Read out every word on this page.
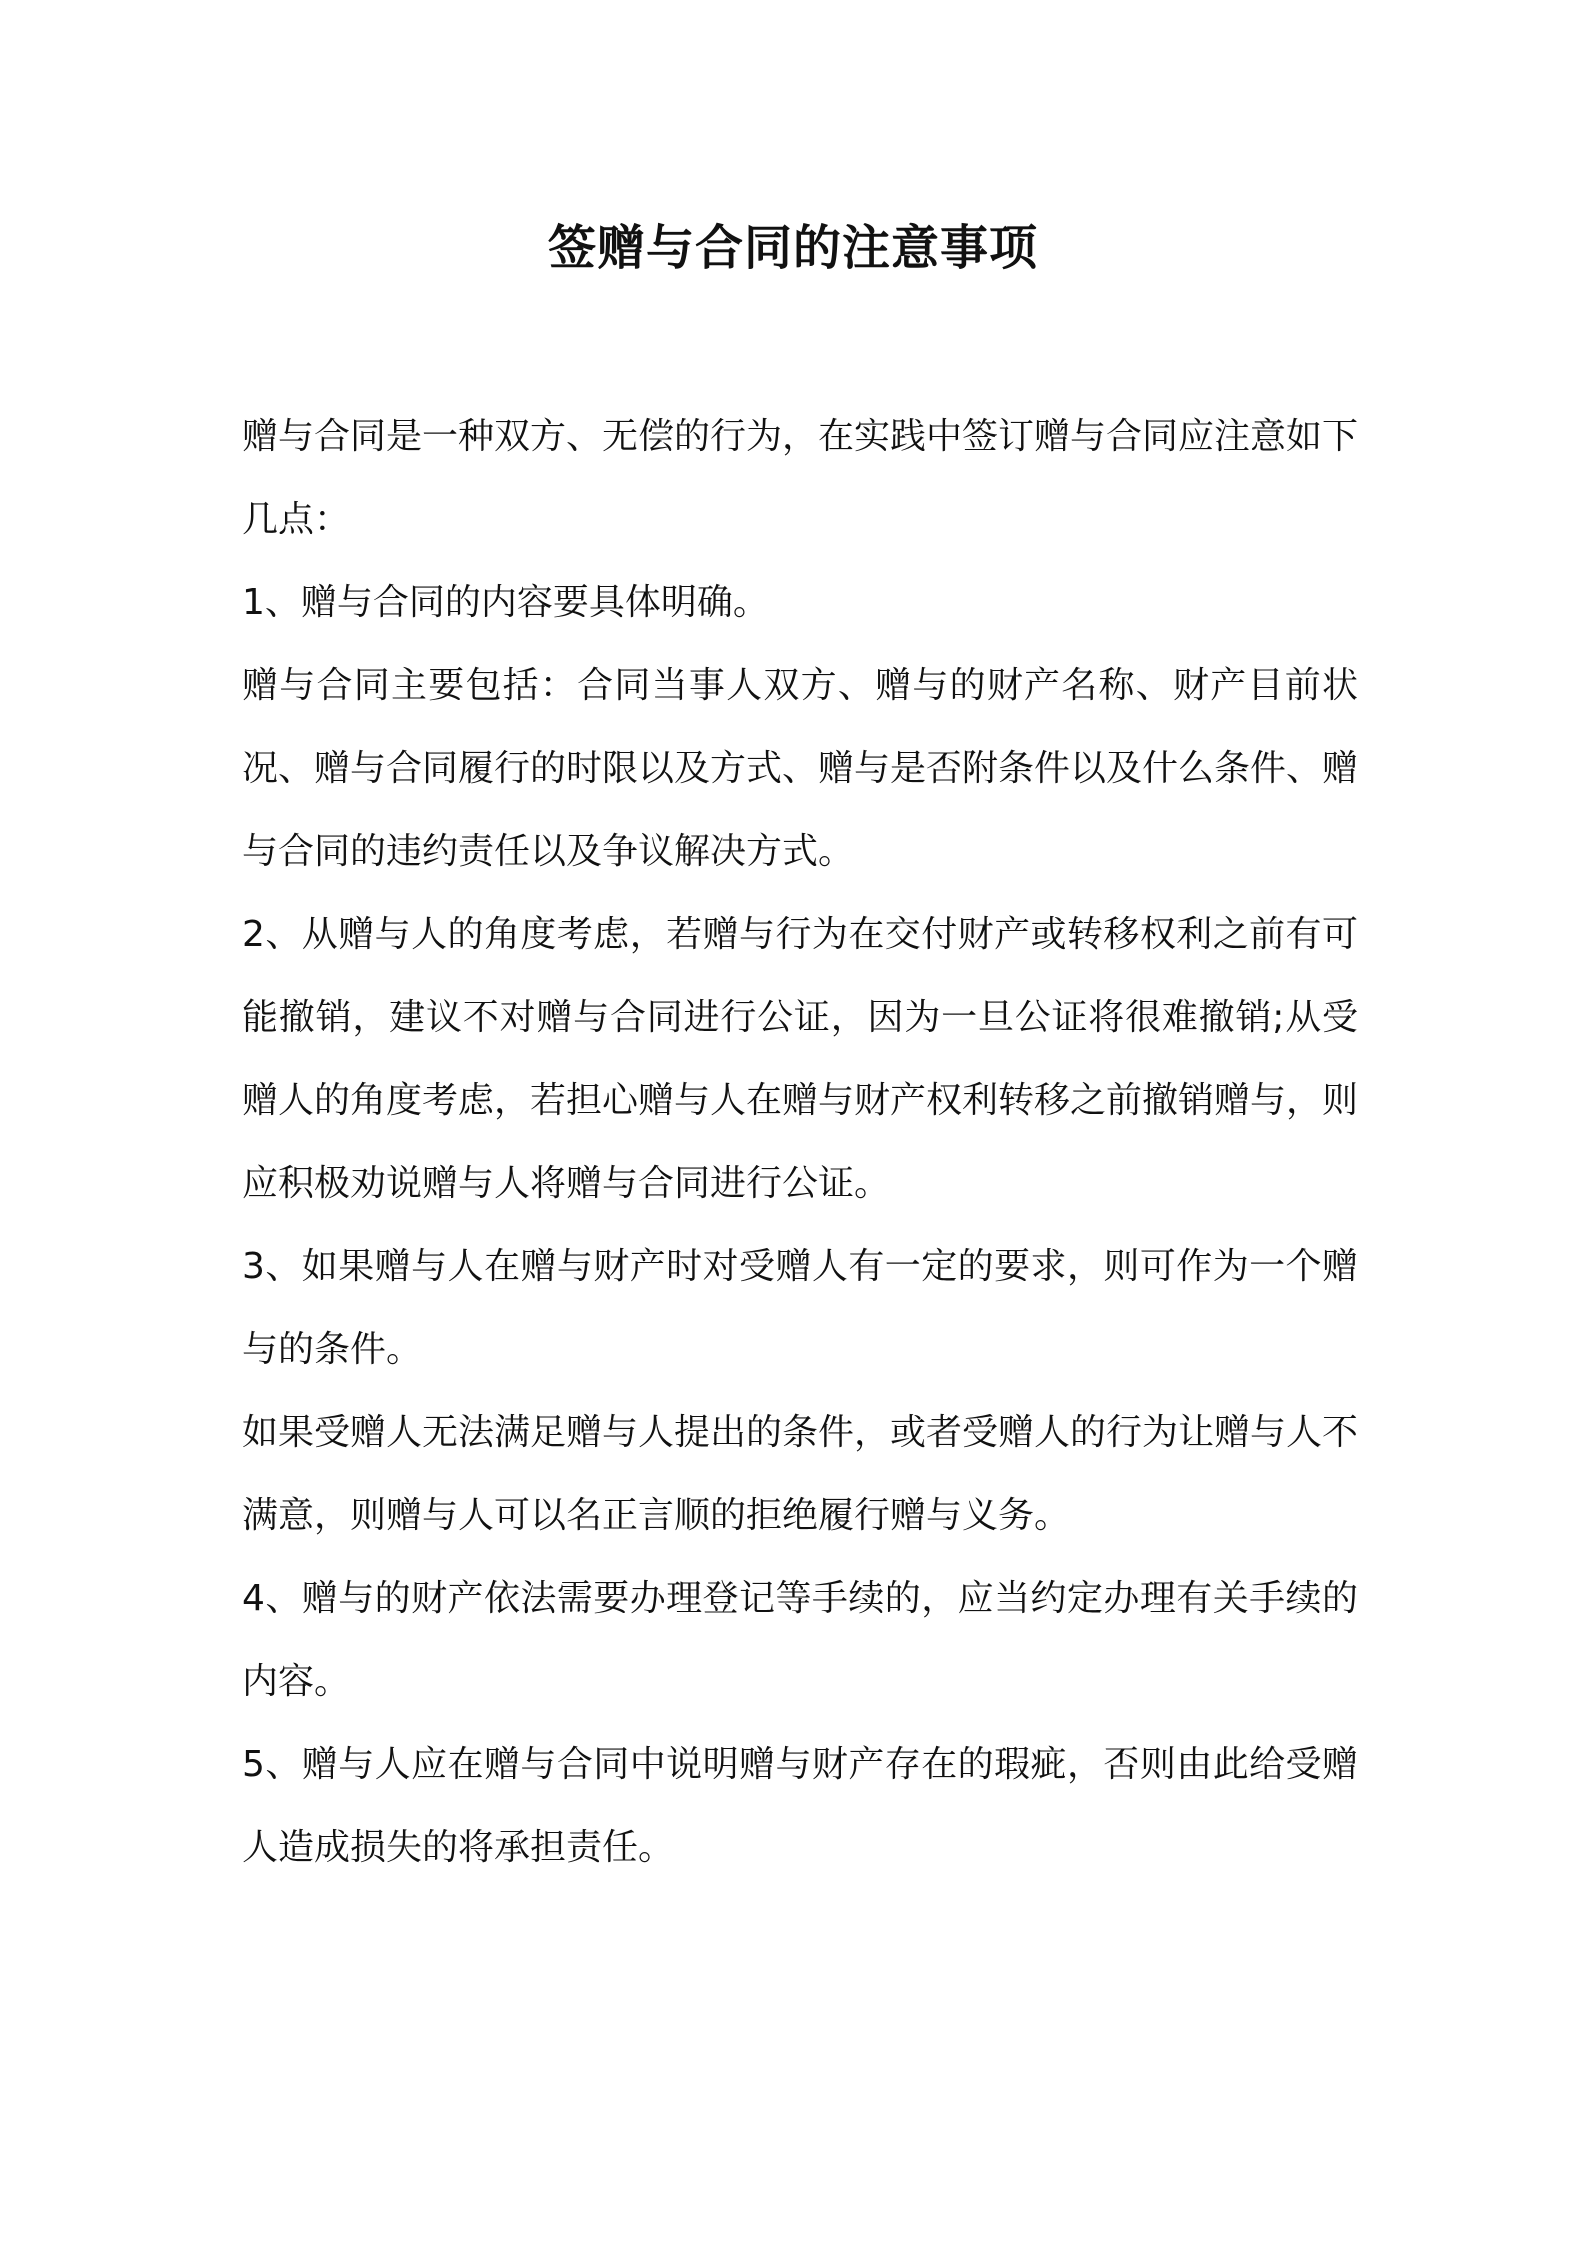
签赠与合同的注意事项

赠与合同是一种双方、无偿的行为，在实践中签订赠与合同应注意如下几点：

1、赠与合同的内容要具体明确。

赠与合同主要包括：合同当事人双方、赠与的财产名称、财产目前状况、赠与合同履行的时限以及方式、赠与是否附条件以及什么条件、赠与合同的违约责任以及争议解决方式。

2、从赠与人的角度考虑，若赠与行为在交付财产或转移权利之前有可能撤销，建议不对赠与合同进行公证，因为一旦公证将很难撤销;从受赠人的角度考虑，若担心赠与人在赠与财产权利转移之前撤销赠与，则应积极劝说赠与人将赠与合同进行公证。

3、如果赠与人在赠与财产时对受赠人有一定的要求，则可作为一个赠与的条件。

如果受赠人无法满足赠与人提出的条件，或者受赠人的行为让赠与人不满意，则赠与人可以名正言顺的拒绝履行赠与义务。

4、赠与的财产依法需要办理登记等手续的，应当约定办理有关手续的内容。

5、赠与人应在赠与合同中说明赠与财产存在的瑕疵，否则由此给受赠人造成损失的将承担责任。
